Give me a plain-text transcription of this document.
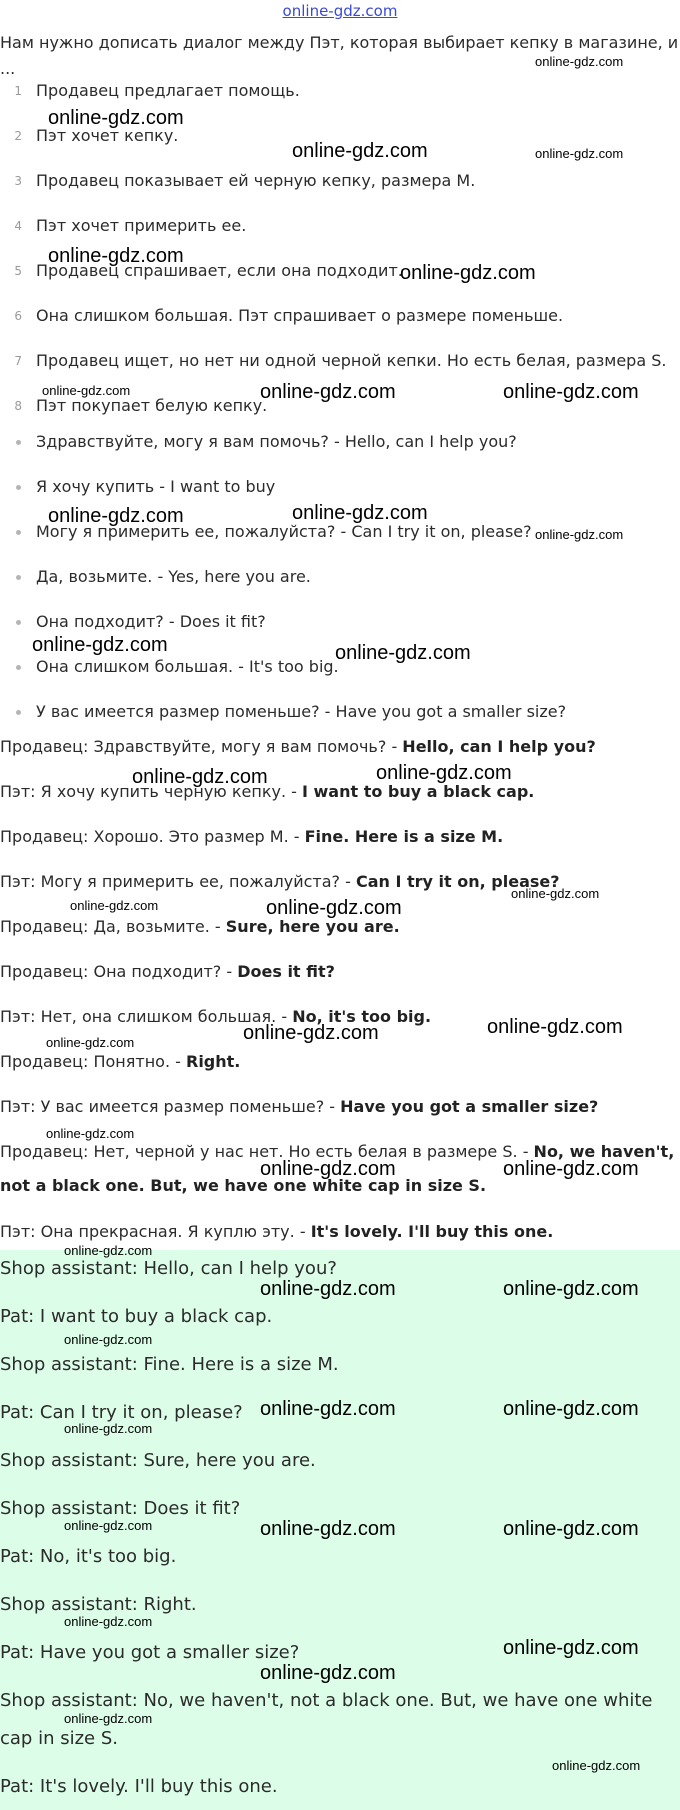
online-gdz.com
Нам нужно дописать диалог между Пэт, которая выбирает кепку в магазине, и ...
1 Продавец предлагает помощь.
2 Пэт хочет кепку.
3 Продавец показывает ей черную кепку, размера M.
4 Пэт хочет примерить ее.
5 Продавец спрашивает, если она подходит.
6 Она слишком большая. Пэт спрашивает о размере поменьше.
7 Продавец ищет, но нет ни одной черной кепки. Но есть белая, размера S.
8 Пэт покупает белую кепку.
Здравствуйте, могу я вам помочь? - Hello, can I help you?
Я хочу купить - I want to buy
Могу я примерить ее, пожалуйста? - Can I try it on, please?
Да, возьмите. - Yes, here you are.
Она подходит? - Does it fit?
Она слишком большая. - It's too big.
У вас имеется размер поменьше? - Have you got a smaller size?
Продавец: Здравствуйте, могу я вам помочь? - Hello, can I help you?
Пэт: Я хочу купить черную кепку. - I want to buy a black cap.
Продавец: Хорошо. Это размер M. - Fine. Here is a size M.
Пэт: Могу я примерить ее, пожалуйста? - Can I try it on, please?
Продавец: Да, возьмите. - Sure, here you are.
Продавец: Она подходит? - Does it fit?
Пэт: Нет, она слишком большая. - No, it's too big.
Продавец: Понятно. - Right.
Пэт: У вас имеется размер поменьше? - Have you got a smaller size?
Продавец: Нет, черной у нас нет. Но есть белая в размере S. - No, we haven't, not a black one. But, we have one white cap in size S.
Пэт: Она прекрасная. Я куплю эту. - It's lovely. I'll buy this one.
Shop assistant: Hello, can I help you?
Pat: I want to buy a black cap.
Shop assistant: Fine. Here is a size M.
Pat: Can I try it on, please?
Shop assistant: Sure, here you are.
Shop assistant: Does it fit?
Pat: No, it's too big.
Shop assistant: Right.
Pat: Have you got a smaller size?
Shop assistant: No, we haven't, not a black one. But, we have one white cap in size S.
Pat: It's lovely. I'll buy this one.
online-gdz.com
online-gdz.com
online-gdz.com	online-gdz.com
online-gdz.com
online-gdz.com
online-gdz.com	online-gdz.com	online-gdz.com
online-gdz.com	online-gdz.com
online-gdz.com
online-gdz.com	online-gdz.com
online-gdz.com	online-gdz.com
online-gdz.com
online-gdz.com
online-gdz.com
online-gdz.com
online-gdz.com
online-gdz.com
online-gdz.com
online-gdz.com	online-gdz.com
online-gdz.com
online-gdz.com	online-gdz.com
online-gdz.com
online-gdz.com	online-gdz.com
online-gdz.com
online-gdz.com	online-gdz.com	online-gdz.com
online-gdz.com
online-gdz.com
online-gdz.com
online-gdz.com
online-gdz.com
